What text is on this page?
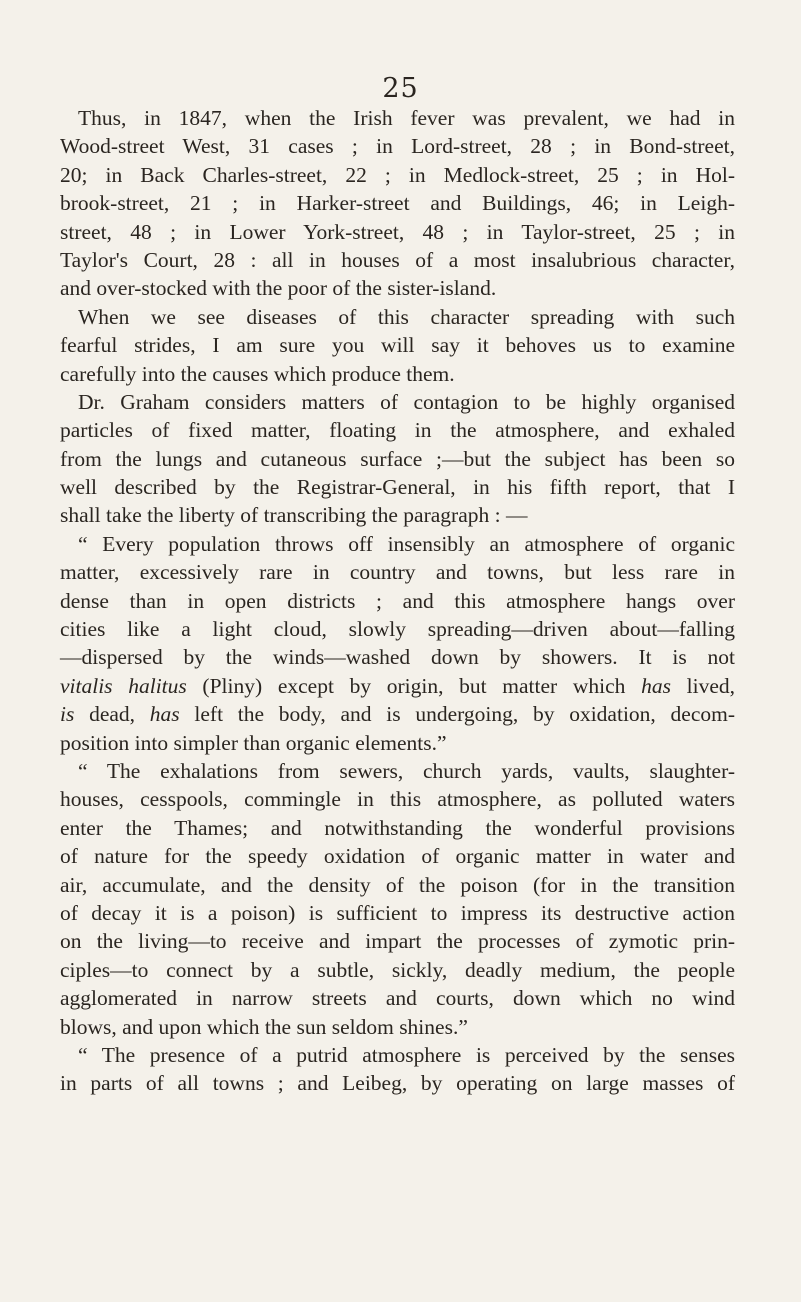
25
Thus, in 1847, when the Irish fever was prevalent, we had in
Wood-street West, 31 cases ; in Lord-street, 28 ; in Bond-street,
20; in Back Charles-street, 22 ; in Medlock-street, 25 ; in Hol-
brook-street, 21 ; in Harker-street and Buildings, 46; in Leigh-
street, 48 ; in Lower York-street, 48 ; in Taylor-street, 25 ; in
Taylor's Court, 28 : all in houses of a most insalubrious character,
and over-stocked with the poor of the sister-island.
When we see diseases of this character spreading with such
fearful strides, I am sure you will say it behoves us to examine
carefully into the causes which produce them.
Dr. Graham considers matters of contagion to be highly organised
particles of fixed matter, floating in the atmosphere, and exhaled
from the lungs and cutaneous surface ;—but the subject has been so
well described by the Registrar-General, in his fifth report, that I
shall take the liberty of transcribing the paragraph : —
“ Every population throws off insensibly an atmosphere of organic
matter, excessively rare in country and towns, but less rare in
dense than in open districts ; and this atmosphere hangs over
cities like a light cloud, slowly spreading—driven about—falling
—dispersed by the winds—washed down by showers. It is not
vitalis halitus (Pliny) except by origin, but matter which has lived,
is dead, has left the body, and is undergoing, by oxidation, decom-
position into simpler than organic elements.”
“ The exhalations from sewers, church yards, vaults, slaughter-
houses, cesspools, commingle in this atmosphere, as polluted waters
enter the Thames; and notwithstanding the wonderful provisions
of nature for the speedy oxidation of organic matter in water and
air, accumulate, and the density of the poison (for in the transition
of decay it is a poison) is sufficient to impress its destructive action
on the living—to receive and impart the processes of zymotic prin-
ciples—to connect by a subtle, sickly, deadly medium, the people
agglomerated in narrow streets and courts, down which no wind
blows, and upon which the sun seldom shines.”
“ The presence of a putrid atmosphere is perceived by the senses
in parts of all towns ; and Leibeg, by operating on large masses of
